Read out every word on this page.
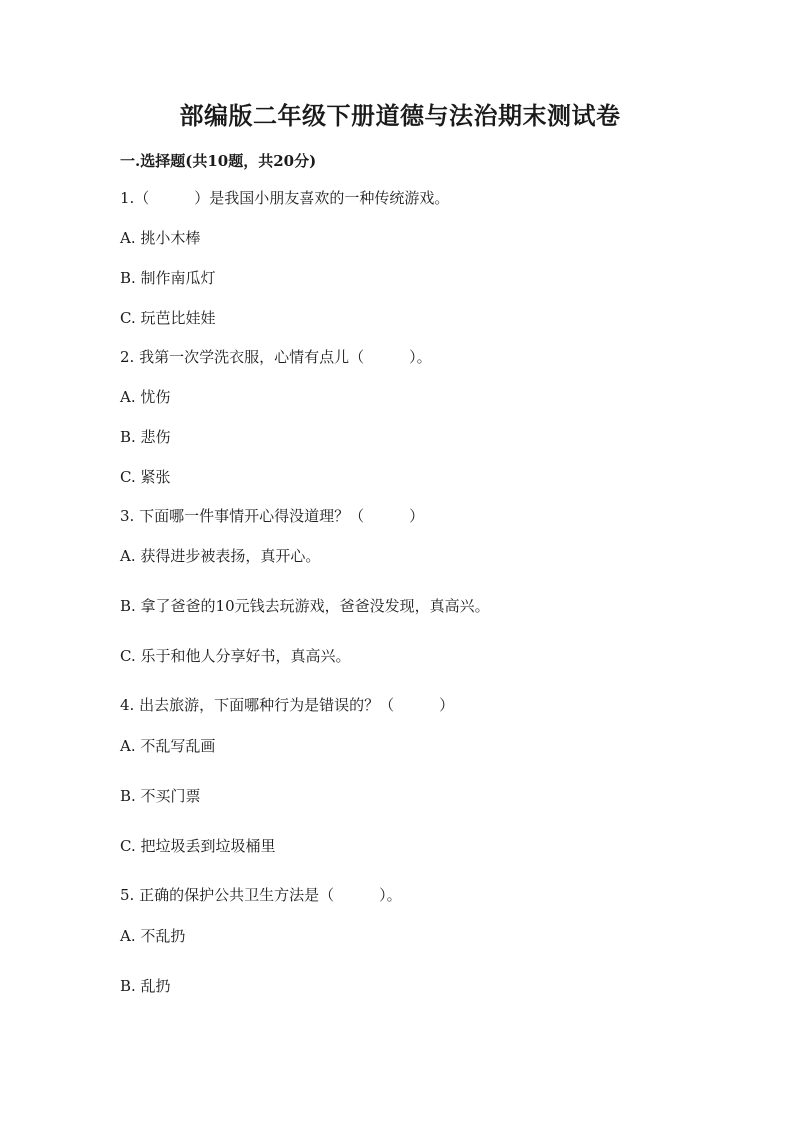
部编版二年级下册道德与法治期末测试卷
一.选择题(共10题，共20分)
1.（　　　）是我国小朋友喜欢的一种传统游戏。
A. 挑小木棒
B. 制作南瓜灯
C. 玩芭比娃娃
2. 我第一次学洗衣服，心情有点儿（　　　）。
A. 忧伤
B. 悲伤
C. 紧张
3. 下面哪一件事情开心得没道理？（　　　）
A. 获得进步被表扬，真开心。
B. 拿了爸爸的10元钱去玩游戏，爸爸没发现，真高兴。
C. 乐于和他人分享好书，真高兴。
4. 出去旅游，下面哪种行为是错误的？（　　　）
A. 不乱写乱画
B. 不买门票
C. 把垃圾丢到垃圾桶里
5. 正确的保护公共卫生方法是（　　　）。
A. 不乱扔
B. 乱扔
